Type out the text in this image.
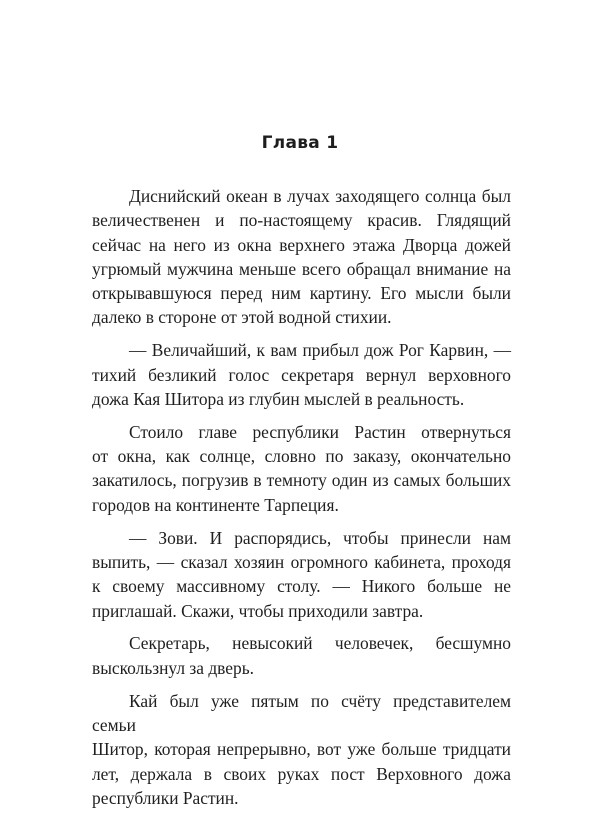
Глава 1
Диснийский океан в лучах заходящего солнца был
величественен и по-настоящему красив. Глядящий
сейчас на него из окна верхнего этажа Дворца дожей
угрюмый мужчина меньше всего обращал внимание на
открывавшуюся перед ним картину. Его мысли были
далеко в стороне от этой водной стихии.
— Величайший, к вам прибыл дож Рог Карвин, —
тихий безликий голос секретаря вернул верховного
дожа Кая Шитора из глубин мыслей в реальность.
Стоило главе республики Растин отвернуться
от окна, как солнце, словно по заказу, окончательно
закатилось, погрузив в темноту один из самых больших
городов на континенте Тарпеция.
— Зови. И распорядись, чтобы принесли нам
выпить, — сказал хозяин огромного кабинета, проходя
к своему массивному столу. — Никого больше не
приглашай. Скажи, чтобы приходили завтра.
Секретарь, невысокий человечек, бесшумно
выскользнул за дверь.
Кай был уже пятым по счёту представителем семьи
Шитор, которая непрерывно, вот уже больше тридцати
лет, держала в своих руках пост Верховного дожа
республики Растин.
